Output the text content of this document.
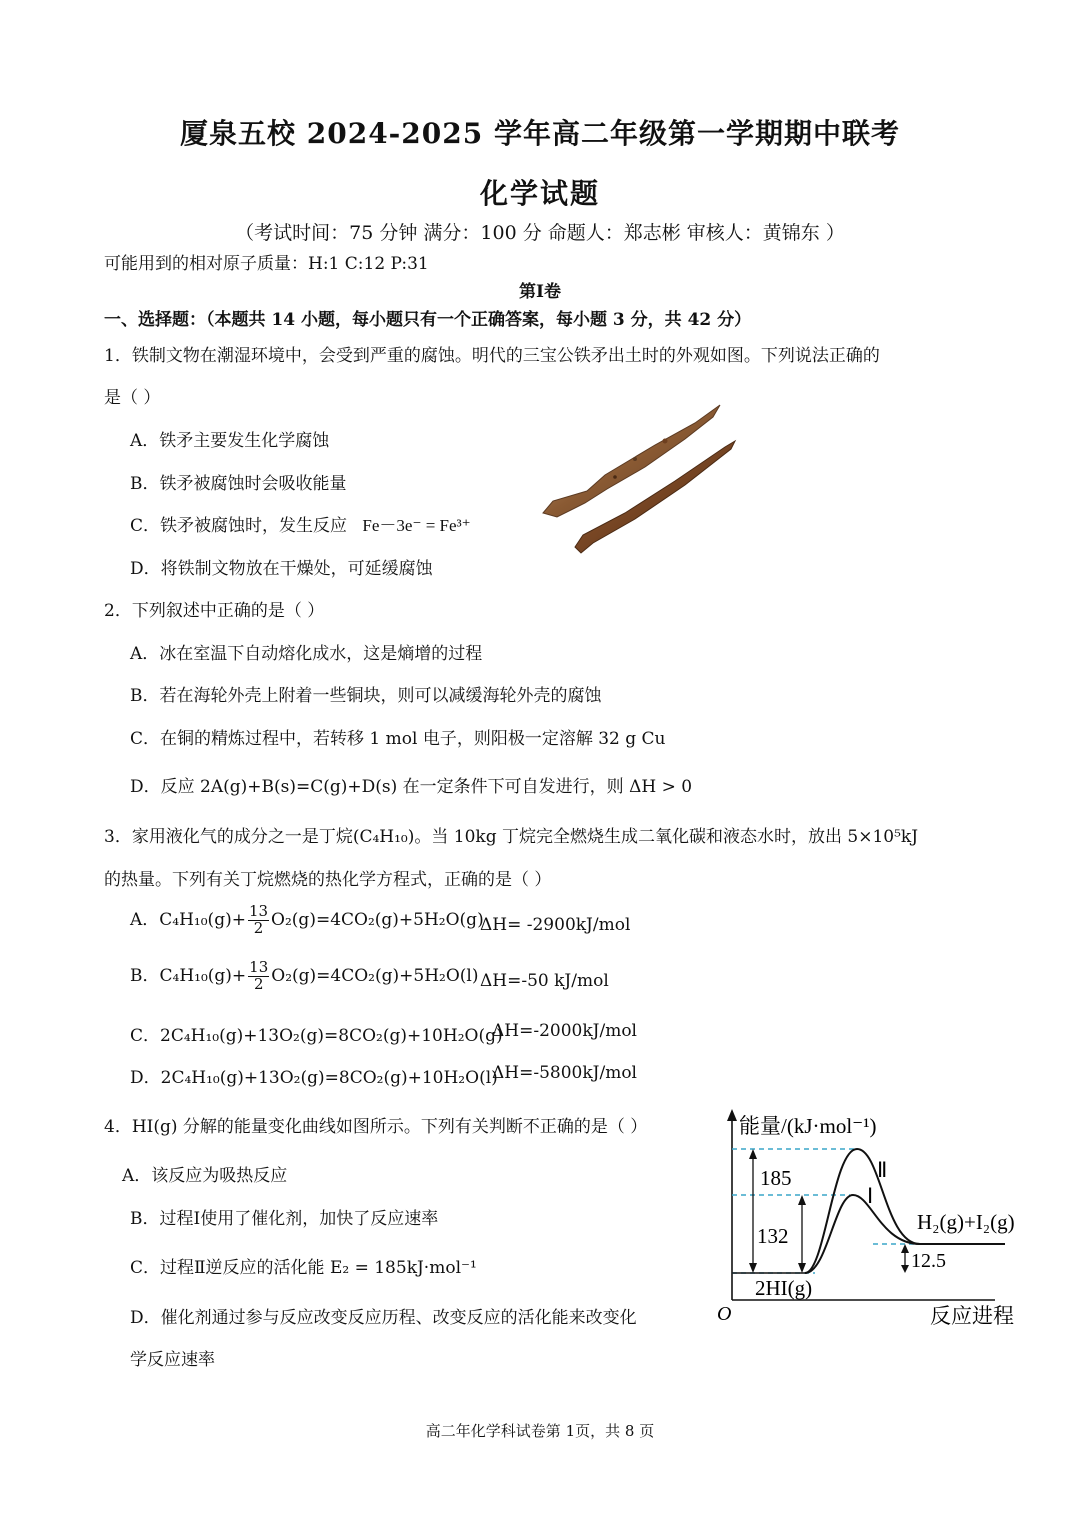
厦泉五校 2024-2025 学年高二年级第一学期期中联考
化学试题
（考试时间：75 分钟 满分：100 分 命题人：郑志彬 审核人：黄锦东 ）
可能用到的相对原子质量：H:1 C:12 P:31
第Ⅰ卷
一、选择题：（本题共 14 小题，每小题只有一个正确答案，每小题 3 分，共 42 分）
1．铁制文物在潮湿环境中，会受到严重的腐蚀。明代的三宝公铁矛出土时的外观如图。下列说法正确的
是（ ）
A．铁矛主要发生化学腐蚀
B．铁矛被腐蚀时会吸收能量
C．铁矛被腐蚀时，发生反应 Fe－3e⁻ = Fe³⁺
D．将铁制文物放在干燥处，可延缓腐蚀
2．下列叙述中正确的是（ ）
A．冰在室温下自动熔化成水，这是熵增的过程
B．若在海轮外壳上附着一些铜块，则可以减缓海轮外壳的腐蚀
C．在铜的精炼过程中，若转移 1 mol 电子，则阳极一定溶解 32 g Cu
D．反应 2A(g)+B(s)=C(g)+D(s) 在一定条件下可自发进行，则 ΔH > 0
3．家用液化气的成分之一是丁烷(C₄H₁₀)。当 10kg 丁烷完全燃烧生成二氧化碳和液态水时，放出 5×10⁵kJ
的热量。下列有关丁烷燃烧的热化学方程式，正确的是（ ）
A．$C_4H_{10}(g)+ \frac{13}{2} O_2(g)=4CO_2(g)+5H_2O(g)$
ΔH= -2900kJ/mol
B．$C_4H_{10}(g)+ \frac{13}{2} O_2(g)=4CO_2(g)+5H_2O(l)$ ΔH=-50 kJ/mol
C．2C₄H₁₀(g)+13O₂(g)=8CO₂(g)+10H₂O(g)
ΔH=-2000kJ/mol
D．2C₄H₁₀(g)+13O₂(g)=8CO₂(g)+10H₂O(l)
ΔH=-5800kJ/mol
4．HI(g) 分解的能量变化曲线如图所示。下列有关判断不正确的是（ ）
A．该反应为吸热反应
B．过程Ⅰ使用了催化剂，加快了反应速率
C．过程Ⅱ逆反应的活化能 E₂ = 185kJ·mol⁻¹
D．催化剂通过参与反应改变反应历程、改变反应的活化能来改变化
学反应速率
能量/(kJ·mol⁻¹)
O	反应进程
185
132
12.5
Ⅱ
Ⅰ
H₂(g)+I₂(g)
2HI(g)
高二年化学科试卷第 1页，共 8 页
